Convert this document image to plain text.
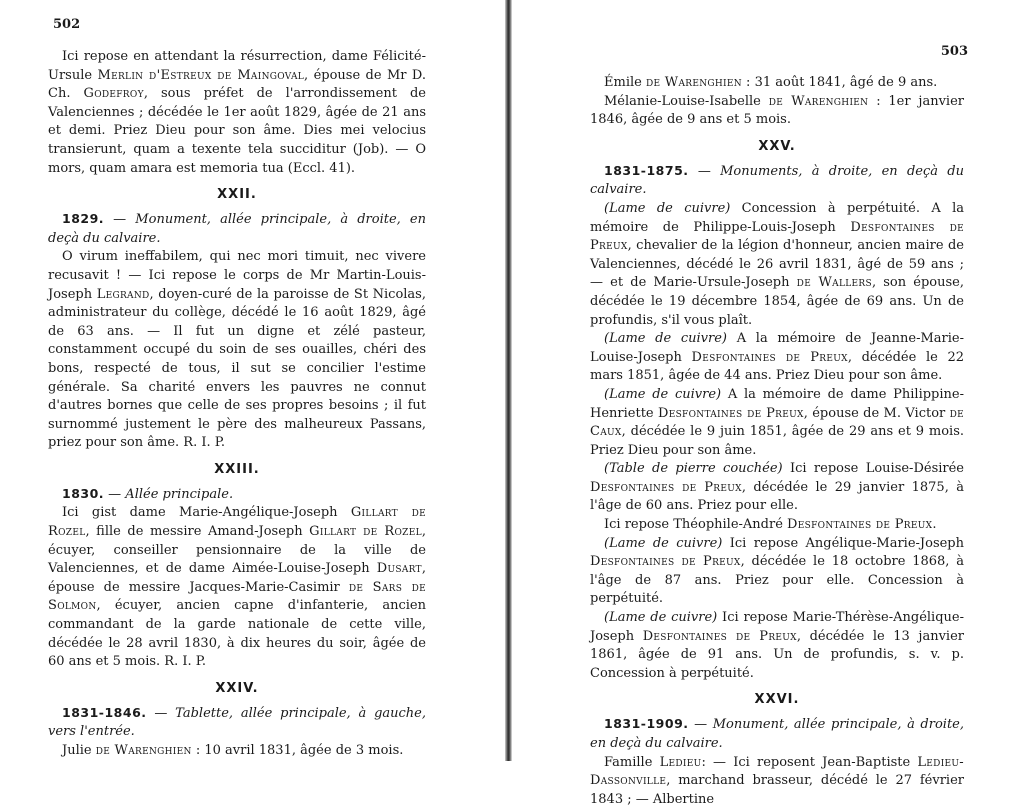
502

Ici repose en attendant la résurrection, dame Félicité-Ursule Merlin d'Estreux de Maingoval, épouse de Mr D. Ch. Godefroy, sous préfet de l'arrondissement de Valenciennes ; décédée le 1er août 1829, âgée de 21 ans et demi. Priez Dieu pour son âme. Dies mei velocius transierunt, quam a texente tela succiditur (Job). — O mors, quam amara est memoria tua (Eccl. 41).

XXII.

1829. — Monument, allée principale, à droite, en deçà du calvaire.

O virum ineffabilem, qui nec mori timuit, nec vivere recusavit ! — Ici repose le corps de Mr Martin-Louis-Joseph Legrand, doyen-curé de la paroisse de St Nicolas, administrateur du collège, décédé le 16 août 1829, âgé de 63 ans. — Il fut un digne et zélé pasteur, constamment occupé du soin de ses ouailles, chéri des bons, respecté de tous, il sut se concilier l'estime générale. Sa charité envers les pauvres ne connut d'autres bornes que celle de ses propres besoins ; il fut surnommé justement le père des malheureux Passans, priez pour son âme. R. I. P.

XXIII.

1830. — Allée principale.

Ici gist dame Marie-Angélique-Joseph Gillart de Rozel, fille de messire Amand-Joseph Gillart de Rozel, écuyer, conseiller pensionnaire de la ville de Valenciennes, et de dame Aimée-Louise-Joseph Dusart, épouse de messire Jacques-Marie-Casimir de Sars de Solmon, écuyer, ancien capne d'infanterie, ancien commandant de la garde nationale de cette ville, décédée le 28 avril 1830, à dix heures du soir, âgée de 60 ans et 5 mois. R. I. P.

XXIV.

1831-1846. — Tablette, allée principale, à gauche, vers l'entrée.

Julie de Warenghien : 10 avril 1831, âgée de 3 mois.

503

Émile de Warenghien : 31 août 1841, âgé de 9 ans.

Mélanie-Louise-Isabelle de Warenghien : 1er janvier 1846, âgée de 9 ans et 5 mois.

XXV.

1831-1875. — Monuments, à droite, en deçà du calvaire.

(Lame de cuivre) Concession à perpétuité. A la mémoire de Philippe-Louis-Joseph Desfontaines de Preux, chevalier de la légion d'honneur, ancien maire de Valenciennes, décédé le 26 avril 1831, âgé de 59 ans ; — et de Marie-Ursule-Joseph de Wallers, son épouse, décédée le 19 décembre 1854, âgée de 69 ans. Un de profundis, s'il vous plaît.

(Lame de cuivre) A la mémoire de Jeanne-Marie-Louise-Joseph Desfontaines de Preux, décédée le 22 mars 1851, âgée de 44 ans. Priez Dieu pour son âme.

(Lame de cuivre) A la mémoire de dame Philippine-Henriette Desfontaines de Preux, épouse de M. Victor de Caux, décédée le 9 juin 1851, âgée de 29 ans et 9 mois. Priez Dieu pour son âme.

(Table de pierre couchée) Ici repose Louise-Désirée Desfontaines de Preux, décédée le 29 janvier 1875, à l'âge de 60 ans. Priez pour elle.

Ici repose Théophile-André Desfontaines de Preux.

(Lame de cuivre) Ici repose Angélique-Marie-Joseph Desfontaines de Preux, décédée le 18 octobre 1868, à l'âge de 87 ans. Priez pour elle. Concession à perpétuité.

(Lame de cuivre) Ici repose Marie-Thérèse-Angélique-Joseph Desfontaines de Preux, décédée le 13 janvier 1861, âgée de 91 ans. Un de profundis, s. v. p. Concession à perpétuité.

XXVI.

1831-1909. — Monument, allée principale, à droite, en deçà du calvaire.

Famille Ledieu: — Ici reposent Jean-Baptiste Ledieu-Dassonville, marchand brasseur, décédé le 27 février 1843 ; — Albertine
